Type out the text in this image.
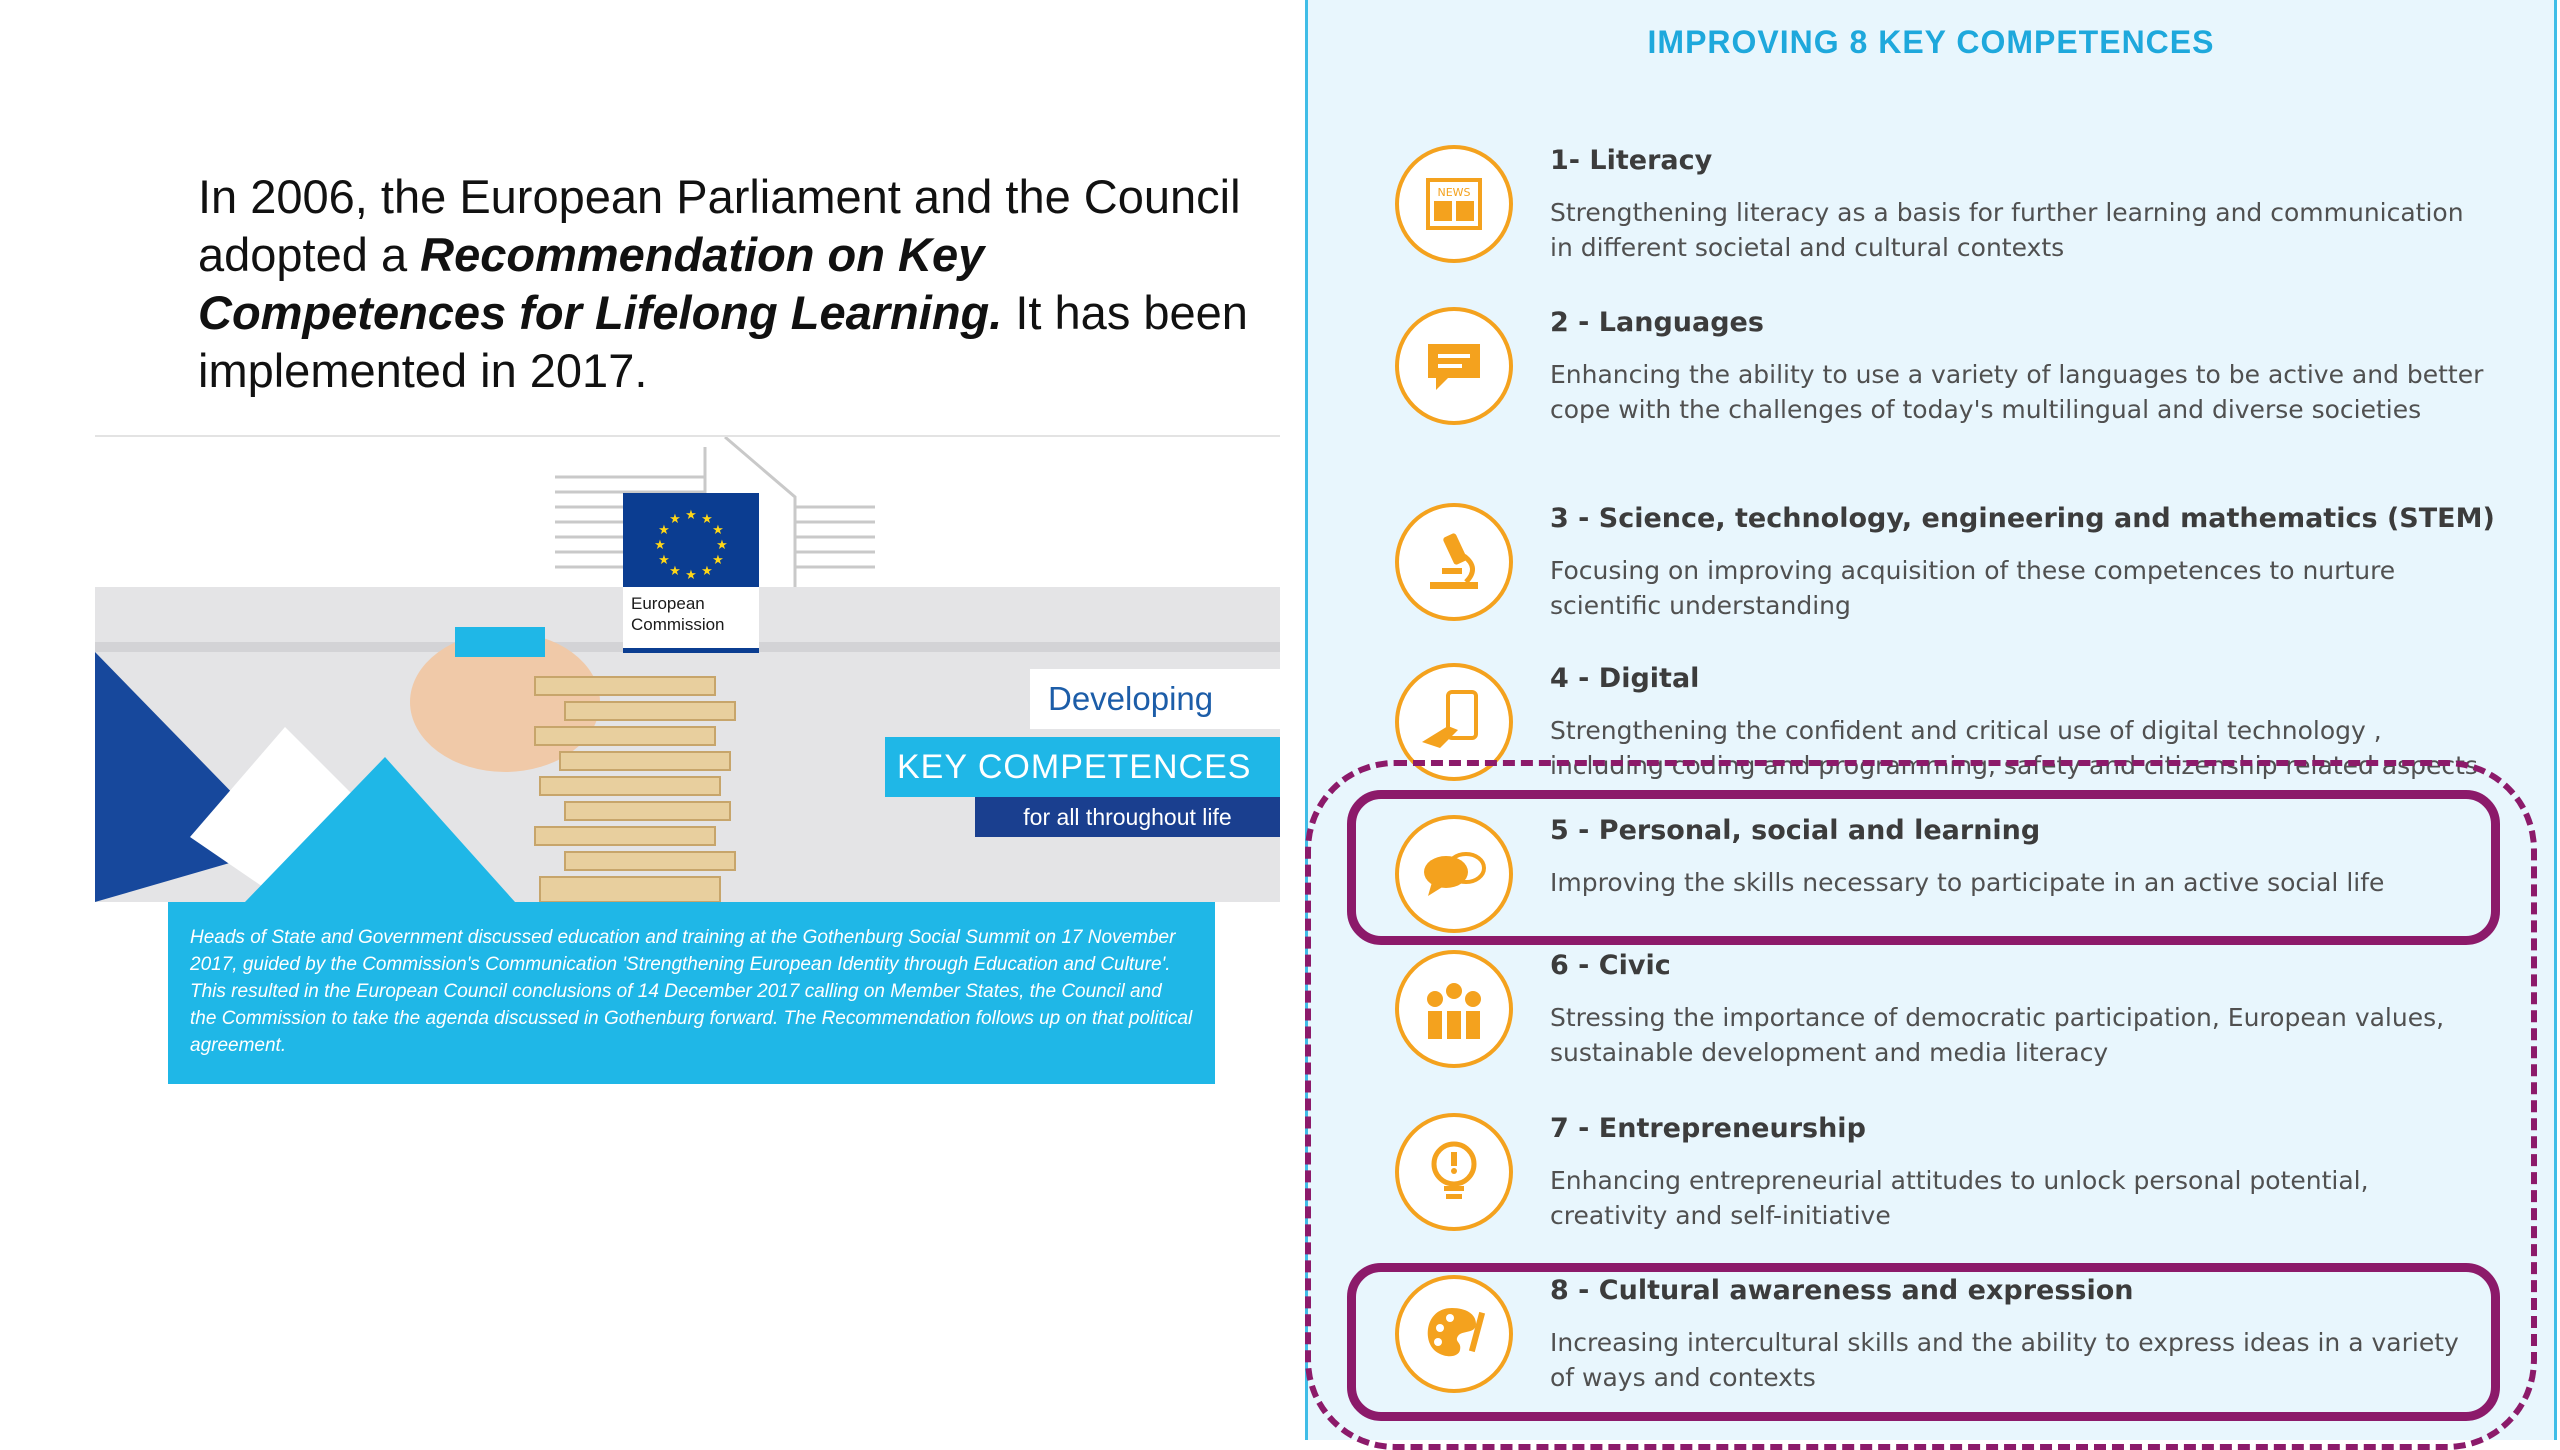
In 2006, the European Parliament and the Council adopted a Recommendation on Key Competences for Lifelong Learning. It has been implemented in 2017.
★ ★
★
★
★
★
★
★
★
★
★
★
European
Commission
Developing
KEY COMPETENCES
for all throughout life
Heads of State and Government discussed education and training at the Gothenburg Social Summit on 17 November 2017, guided by the Commission's Communication 'Strengthening European Identity through Education and Culture'. This resulted in the European Council conclusions of 14 December 2017 calling on Member States, the Council and the Commission to take the agenda discussed in Gothenburg forward. The Recommendation follows up on that political agreement.
IMPROVING 8 KEY COMPETENCES
NEWS
1- Literacy
Strengthening literacy as a basis for further learning and communication in different societal and cultural contexts
2 - Languages
Enhancing the ability to use a variety of languages to be active and better cope with the challenges of today's multilingual and diverse societies
3 - Science, technology, engineering and mathematics (STEM)
Focusing on improving acquisition of these competences to nurture scientific understanding
4 - Digital
Strengthening the confident and critical use of digital technology , including coding and programming, safety and citizenship related aspects
5 - Personal, social and learning
Improving the skills necessary to participate in an active social life
6 - Civic
Stressing the importance of democratic participation, European values, sustainable development and media literacy
7 - Entrepreneurship
Enhancing entrepreneurial attitudes to unlock personal potential, creativity and self-initiative
8 - Cultural awareness and expression
Increasing intercultural skills and the ability to express ideas in a variety of ways and contexts
